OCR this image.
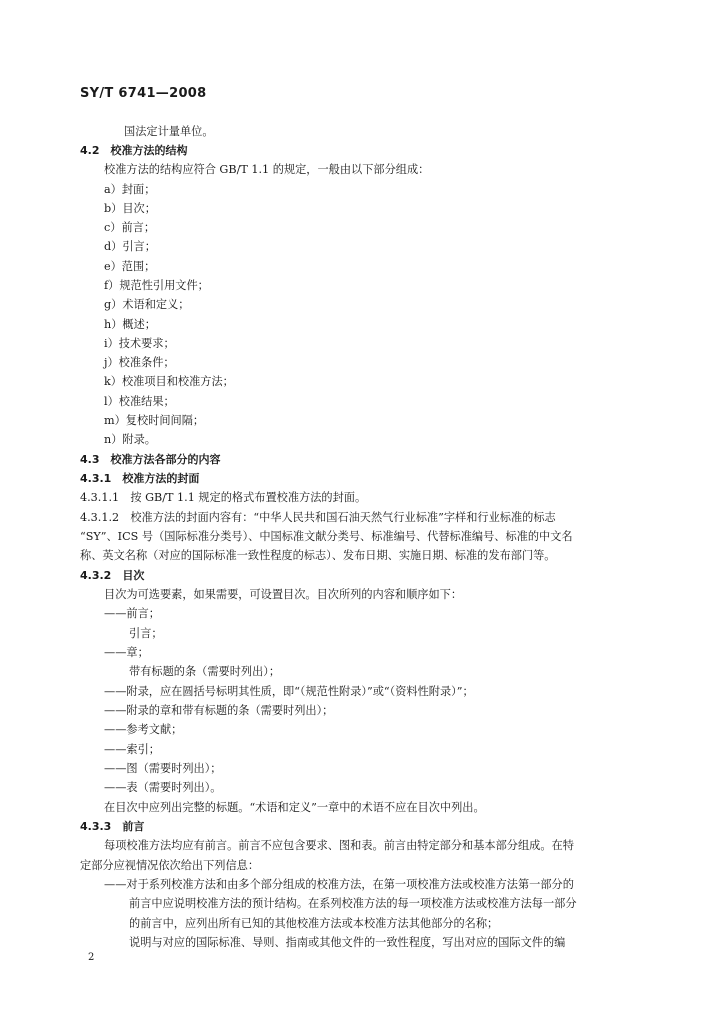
SY/T 6741—2008
国法定计量单位。
4.2　校准方法的结构
校准方法的结构应符合 GB/T 1.1 的规定，一般由以下部分组成：
a）封面；
b）目次；
c）前言；
d）引言；
e）范围；
f）规范性引用文件；
g）术语和定义；
h）概述；
i）技术要求；
j）校准条件；
k）校准项目和校准方法；
l）校准结果；
m）复校时间间隔；
n）附录。
4.3　校准方法各部分的内容
4.3.1　校准方法的封面
4.3.1.1　按 GB/T 1.1 规定的格式布置校准方法的封面。
4.3.1.2　校准方法的封面内容有：“中华人民共和国石油天然气行业标准”字样和行业标准的标志
“SY”、ICS 号（国际标准分类号）、中国标准文献分类号、标准编号、代替标准编号、标准的中文名
称、英文名称（对应的国际标准一致性程度的标志）、发布日期、实施日期、标准的发布部门等。
4.3.2　目次
目次为可选要素，如果需要，可设置目次。目次所列的内容和顺序如下：
——前言；
引言；
——章；
带有标题的条（需要时列出）；
——附录，应在圆括号标明其性质，即“（规范性附录）”或“（资料性附录）”；
——附录的章和带有标题的条（需要时列出）；
——参考文献；
——索引；
——图（需要时列出）；
——表（需要时列出）。
在目次中应列出完整的标题。“术语和定义”一章中的术语不应在目次中列出。
4.3.3　前言
每项校准方法均应有前言。前言不应包含要求、图和表。前言由特定部分和基本部分组成。在特
定部分应视情况依次给出下列信息：
——对于系列校准方法和由多个部分组成的校准方法，在第一项校准方法或校准方法第一部分的
前言中应说明校准方法的预计结构。在系列校准方法的每一项校准方法或校准方法每一部分
的前言中，应列出所有已知的其他校准方法或本校准方法其他部分的名称；
说明与对应的国际标准、导则、指南或其他文件的一致性程度，写出对应的国际文件的编
2
